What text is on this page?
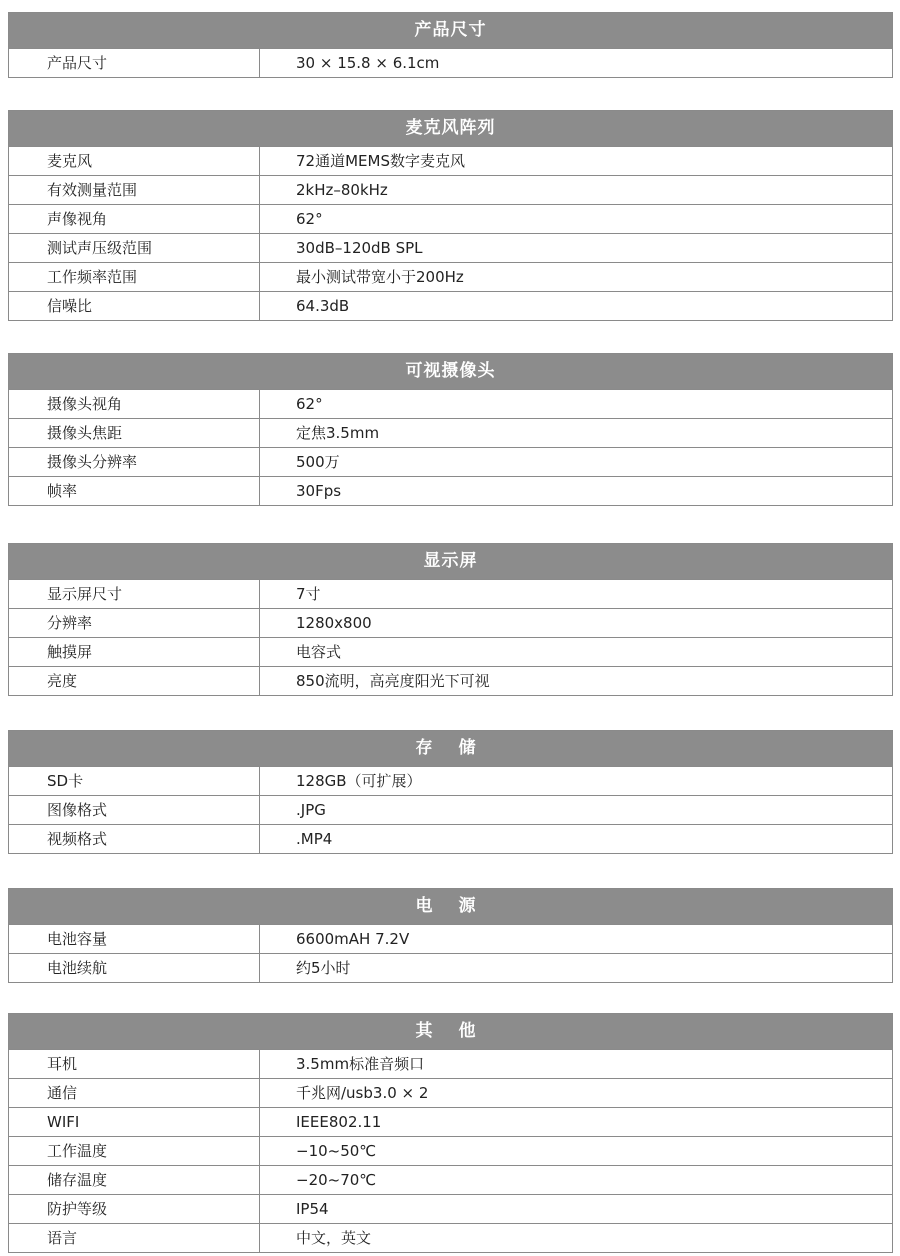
产品尺寸
产品尺寸	30 × 15.8 × 6.1cm
麦克风阵列
麦克风	72通道MEMS数字麦克风
有效测量范围	2kHz–80kHz
声像视角	62°
测试声压级范围	30dB–120dB SPL
工作频率范围	最小测试带宽小于200Hz
信噪比	64.3dB
可视摄像头
摄像头视角	62°
摄像头焦距	定焦3.5mm
摄像头分辨率	500万
帧率	30Fps
显示屏
显示屏尺寸	7寸
分辨率	1280x800
触摸屏	电容式
亮度	850流明，高亮度阳光下可视
存 储
SD卡	128GB（可扩展）
图像格式	.JPG
视频格式	.MP4
电 源
电池容量	6600mAH 7.2V
电池续航	约5小时
其 他
耳机	3.5mm标准音频口
通信	千兆网/usb3.0 × 2
WIFI	IEEE802.11
工作温度	−10~50℃
储存温度	−20~70℃
防护等级	IP54
语言	中文，英文
